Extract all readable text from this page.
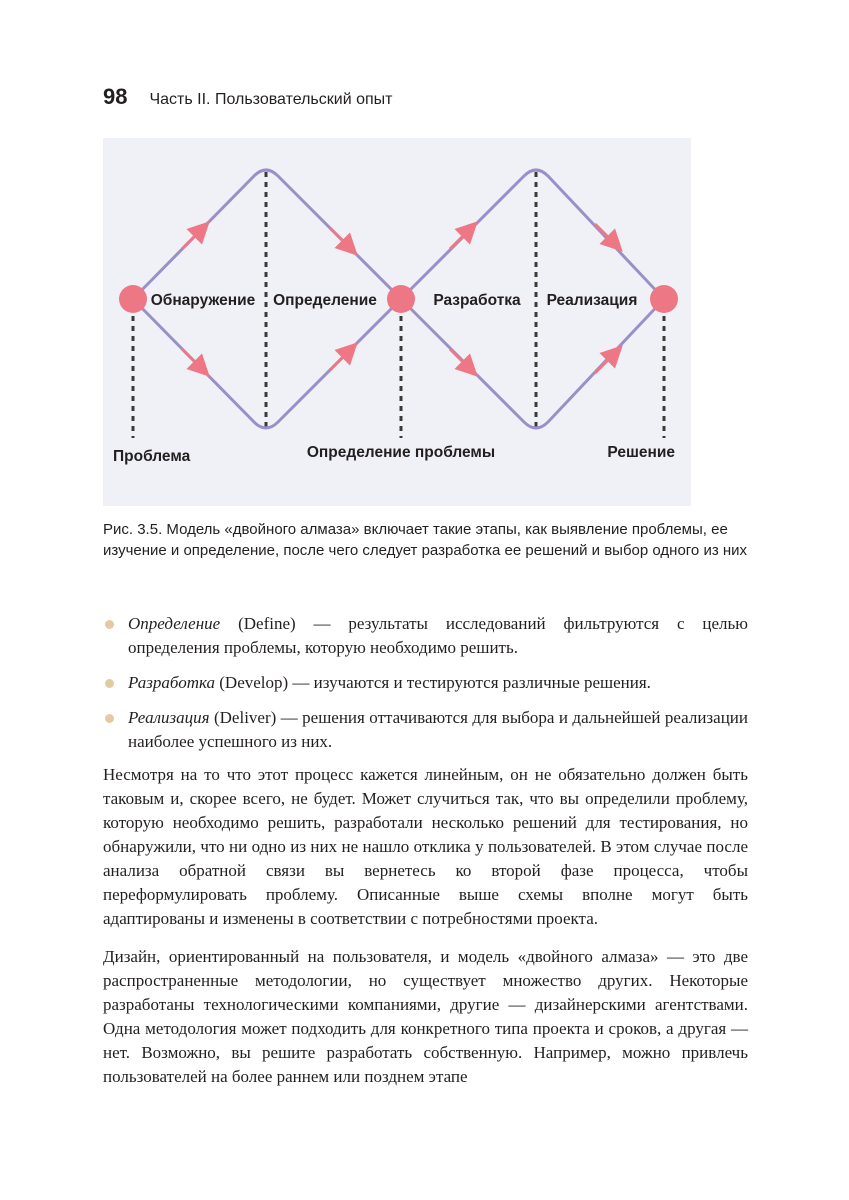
98 Часть II. Пользовательский опыт
Обнаружение Определение	Разработка Реализация
Проблема	Определение проблемы	Решение
Рис. 3.5. Модель «двойного алмаза» включает такие этапы, как выявление проблемы, ее изучение и определение, после чего следует разработка ее решений и выбор одного из них
Определение (Define) — результаты исследований фильтруются с целью определения проблемы, которую необходимо решить.
Разработка (Develop) — изучаются и тестируются различные решения.
Реализация (Deliver) — решения оттачиваются для выбора и дальнейшей реализации наиболее успешного из них.

Несмотря на то что этот процесс кажется линейным, он не обязательно должен быть таковым и, скорее всего, не будет. Может случиться так, что вы определили проблему, которую необходимо решить, разработали несколько решений для тестирования, но обнаружили, что ни одно из них не нашло отклика у пользователей. В этом случае после анализа обратной связи вы вернетесь ко второй фазе процесса, чтобы переформулировать проблему. Описанные выше схемы вполне могут быть адаптированы и изменены в соответствии с потребностями проекта.

Дизайн, ориентированный на пользователя, и модель «двойного алмаза» — это две распространенные методологии, но существует множество других. Некоторые разработаны технологическими компаниями, другие — дизайнерскими агентствами. Одна методология может подходить для конкретного типа проекта и сроков, а другая — нет. Возможно, вы решите разработать собственную. Например, можно привлечь пользователей на более раннем или позднем этапе
